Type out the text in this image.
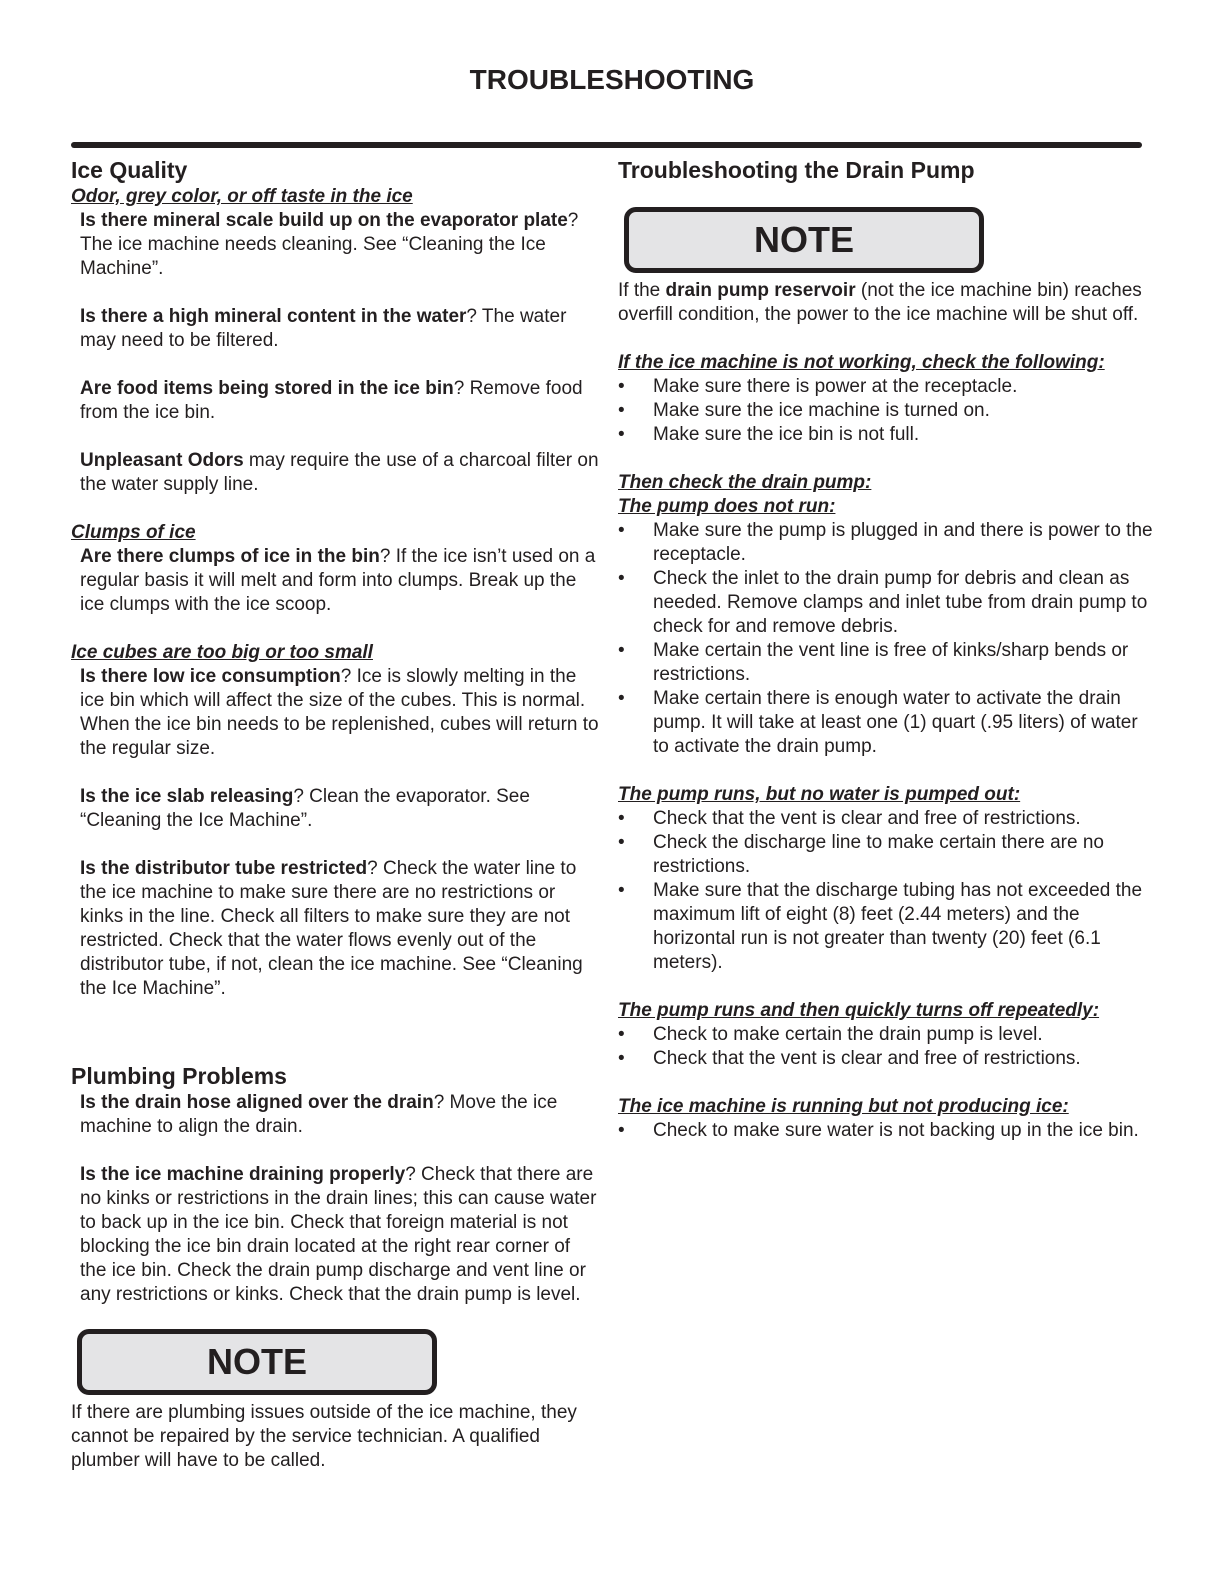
TROUBLESHOOTING
Ice Quality
Odor, grey color, or off taste in the ice

Is there mineral scale build up on the evaporator plate? The ice machine needs cleaning. See “Cleaning the Ice Machine”.

Is there a high mineral content in the water? The water may need to be filtered.

Are food items being stored in the ice bin? Remove food from the ice bin.

Unpleasant Odors may require the use of a charcoal filter on the water supply line.

Clumps of ice

Are there clumps of ice in the bin? If the ice isn’t used on a regular basis it will melt and form into clumps. Break up the ice clumps with the ice scoop.

Ice cubes are too big or too small

Is there low ice consumption? Ice is slowly melting in the ice bin which will affect the size of the cubes. This is normal. When the ice bin needs to be replenished, cubes will return to the regular size.

Is the ice slab releasing? Clean the evaporator. See “Cleaning the Ice Machine”.

Is the distributor tube restricted? Check the water line to the ice machine to make sure there are no restrictions or kinks in the line. Check all filters to make sure they are not restricted. Check that the water flows evenly out of the distributor tube, if not, clean the ice machine. See “Cleaning the Ice Machine”.

Plumbing Problems

Is the drain hose aligned over the drain? Move the ice machine to align the drain.

Is the ice machine draining properly? Check that there are no kinks or restrictions in the drain lines; this can cause water to back up in the ice bin. Check that foreign material is not blocking the ice bin drain located at the right rear corner of the ice bin. Check the drain pump discharge and vent line or any restrictions or kinks. Check that the drain pump is level.

NOTE

If there are plumbing issues outside of the ice machine, they cannot be repaired by the service technician. A qualified plumber will have to be called.

Troubleshooting the Drain Pump
NOTE

If the drain pump reservoir (not the ice machine bin) reaches overfill condition, the power to the ice machine will be shut off.

If the ice machine is not working, check the following:
• Make sure there is power at the receptacle.
• Make sure the ice machine is turned on.
• Make sure the ice bin is not full.
Then check the drain pump:
The pump does not run:
• Make sure the pump is plugged in and there is power to the receptacle.
• Check the inlet to the drain pump for debris and clean as needed. Remove clamps and inlet tube from drain pump to check for and remove debris.
• Make certain the vent line is free of kinks/sharp bends or restrictions.
• Make certain there is enough water to activate the drain pump. It will take at least one (1) quart (.95 liters) of water to activate the drain pump.
The pump runs, but no water is pumped out:
• Check that the vent is clear and free of restrictions.
• Check the discharge line to make certain there are no restrictions.
• Make sure that the discharge tubing has not exceeded the maximum lift of eight (8) feet (2.44 meters) and the horizontal run is not greater than twenty (20) feet (6.1 meters).
The pump runs and then quickly turns off repeatedly:
• Check to make certain the drain pump is level.
• Check that the vent is clear and free of restrictions.
The ice machine is running but not producing ice:
• Check to make sure water is not backing up in the ice bin.
